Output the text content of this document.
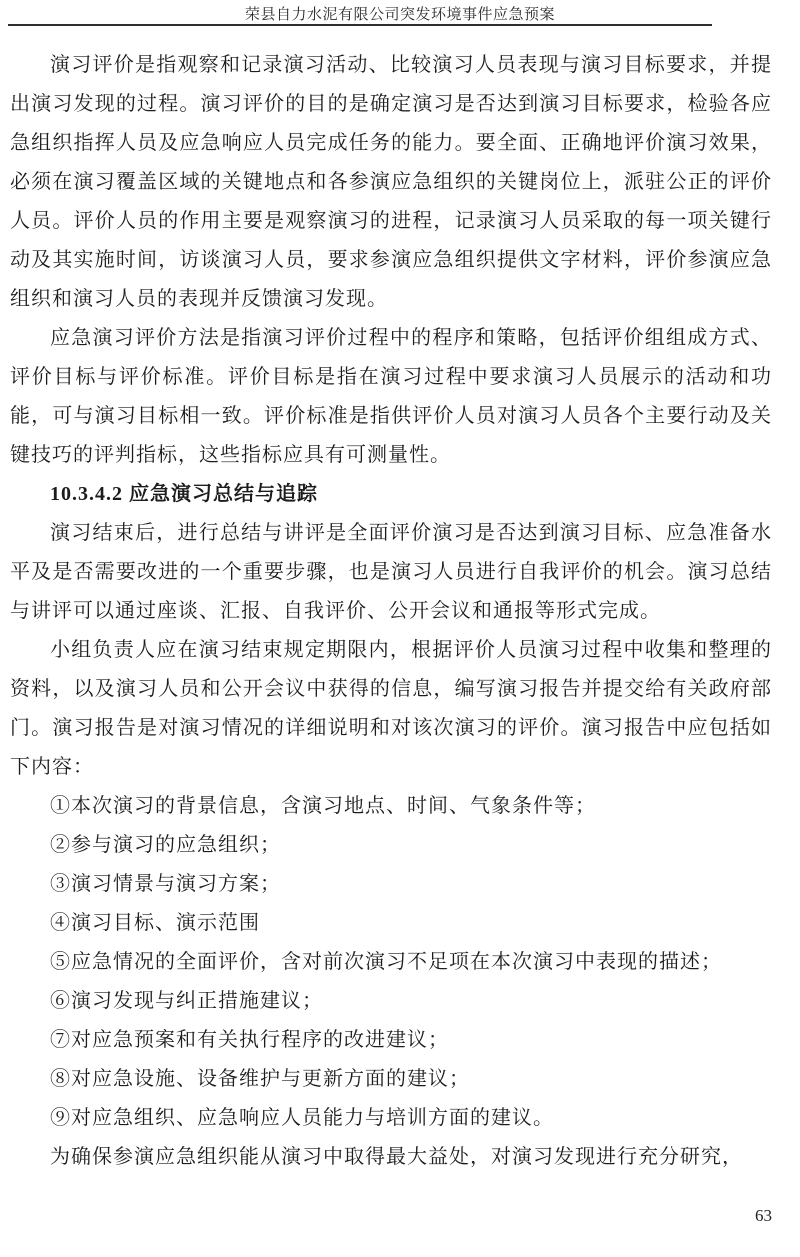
荣县自力水泥有限公司突发环境事件应急预案

演习评价是指观察和记录演习活动、比较演习人员表现与演习目标要求，并提出演习发现的过程。演习评价的目的是确定演习是否达到演习目标要求，检验各应急组织指挥人员及应急响应人员完成任务的能力。要全面、正确地评价演习效果，必须在演习覆盖区域的关键地点和各参演应急组织的关键岗位上，派驻公正的评价人员。评价人员的作用主要是观察演习的进程，记录演习人员采取的每一项关键行动及其实施时间，访谈演习人员，要求参演应急组织提供文字材料，评价参演应急组织和演习人员的表现并反馈演习发现。

应急演习评价方法是指演习评价过程中的程序和策略，包括评价组组成方式、评价目标与评价标准。评价目标是指在演习过程中要求演习人员展示的活动和功能，可与演习目标相一致。评价标准是指供评价人员对演习人员各个主要行动及关键技巧的评判指标，这些指标应具有可测量性。

10.3.4.2 应急演习总结与追踪

演习结束后，进行总结与讲评是全面评价演习是否达到演习目标、应急准备水平及是否需要改进的一个重要步骤，也是演习人员进行自我评价的机会。演习总结与讲评可以通过座谈、汇报、自我评价、公开会议和通报等形式完成。

小组负责人应在演习结束规定期限内，根据评价人员演习过程中收集和整理的资料，以及演习人员和公开会议中获得的信息，编写演习报告并提交给有关政府部门。演习报告是对演习情况的详细说明和对该次演习的评价。演习报告中应包括如下内容：

①本次演习的背景信息，含演习地点、时间、气象条件等；

②参与演习的应急组织；

③演习情景与演习方案；

④演习目标、演示范围

⑤应急情况的全面评价，含对前次演习不足项在本次演习中表现的描述；

⑥演习发现与纠正措施建议；

⑦对应急预案和有关执行程序的改进建议；

⑧对应急设施、设备维护与更新方面的建议；

⑨对应急组织、应急响应人员能力与培训方面的建议。

为确保参演应急组织能从演习中取得最大益处，对演习发现进行充分研究，

63
